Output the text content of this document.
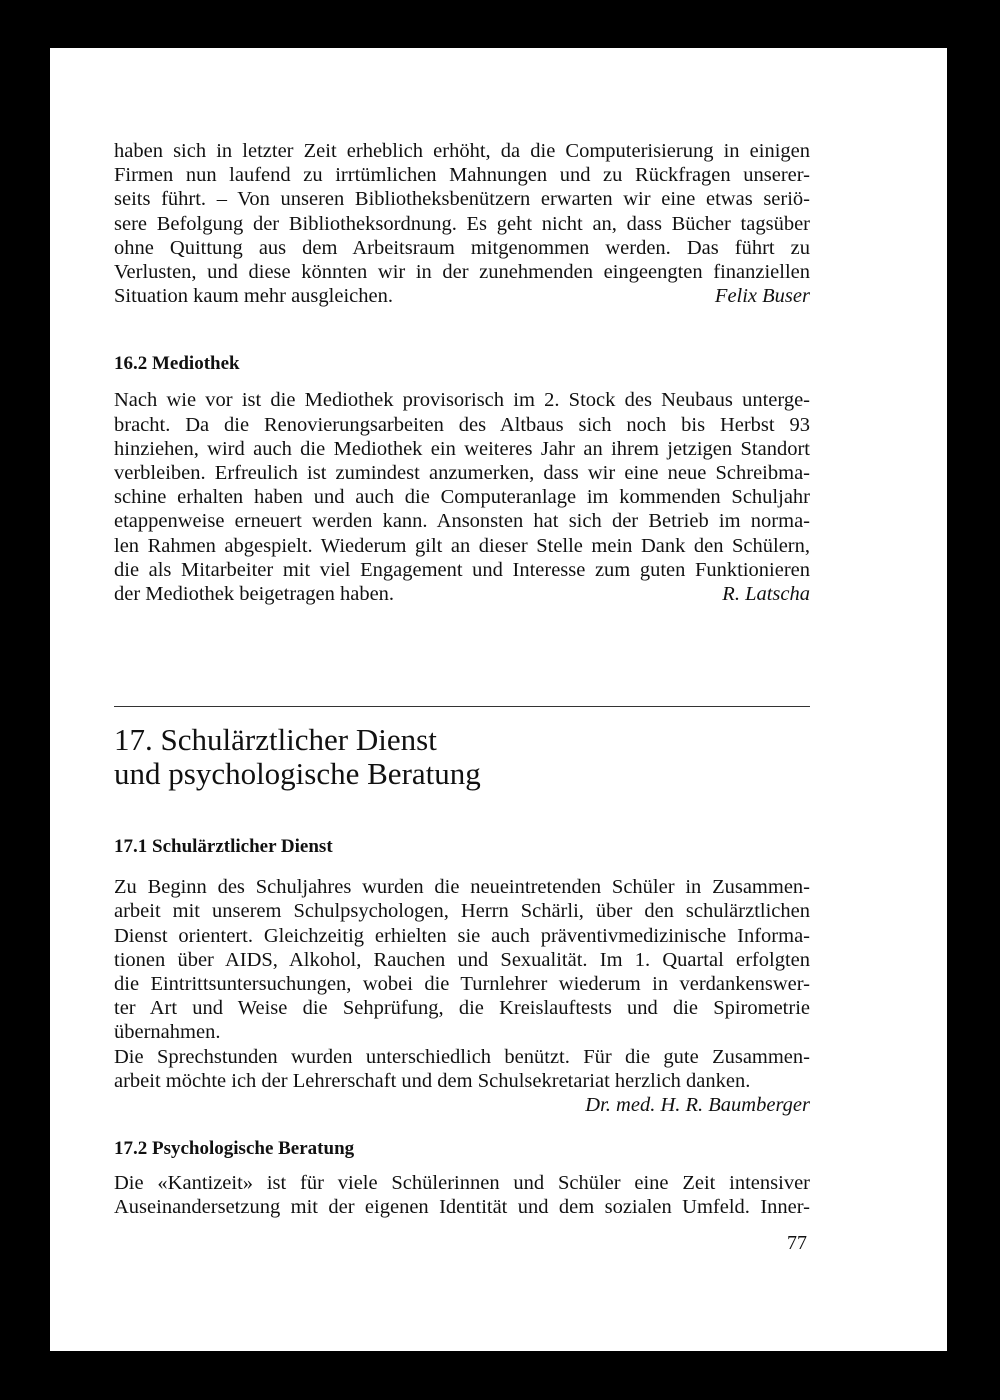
haben sich in letzter Zeit erheblich erhöht, da die Computerisierung in einigen
Firmen nun laufend zu irrtümlichen Mahnungen und zu Rückfragen unserer-
seits führt. – Von unseren Bibliotheksbenützern erwarten wir eine etwas seriö-
sere Befolgung der Bibliotheksordnung. Es geht nicht an, dass Bücher tagsüber
ohne Quittung aus dem Arbeitsraum mitgenommen werden. Das führt zu
Verlusten, und diese könnten wir in der zunehmenden eingeengten finanziellen

Situation kaum mehr ausgleichen.	Felix Buser
16.2 Mediothek

Nach wie vor ist die Mediothek provisorisch im 2. Stock des Neubaus unterge-
bracht. Da die Renovierungsarbeiten des Altbaus sich noch bis Herbst 93
hinziehen, wird auch die Mediothek ein weiteres Jahr an ihrem jetzigen Standort
verbleiben. Erfreulich ist zumindest anzumerken, dass wir eine neue Schreibma-
schine erhalten haben und auch die Computeranlage im kommenden Schuljahr
etappenweise erneuert werden kann. Ansonsten hat sich der Betrieb im norma-
len Rahmen abgespielt. Wiederum gilt an dieser Stelle mein Dank den Schülern,
die als Mitarbeiter mit viel Engagement und Interesse zum guten Funktionieren

der Mediothek beigetragen haben.	R. Latscha
17. Schulärztlicher Dienst
und psychologische Beratung
17.1 Schulärztlicher Dienst

Zu Beginn des Schuljahres wurden die neueintretenden Schüler in Zusammen-
arbeit mit unserem Schulpsychologen, Herrn Schärli, über den schulärztlichen
Dienst orientert. Gleichzeitig erhielten sie auch präventivmedizinische Informa-
tionen über AIDS, Alkohol, Rauchen und Sexualität. Im 1. Quartal erfolgten
die Eintrittsuntersuchungen, wobei die Turnlehrer wiederum in verdankenswer-
ter Art und Weise die Sehprüfung, die Kreislauftests und die Spirometrie

übernahmen.

Die Sprechstunden wurden unterschiedlich benützt. Für die gute Zusammen-

arbeit möchte ich der Lehrerschaft und dem Schulsekretariat herzlich danken.
Dr. med. H. R. Baumberger
17.2 Psychologische Beratung

Die «Kantizeit» ist für viele Schülerinnen und Schüler eine Zeit intensiver
Auseinandersetzung mit der eigenen Identität und dem sozialen Umfeld. Inner-

77
